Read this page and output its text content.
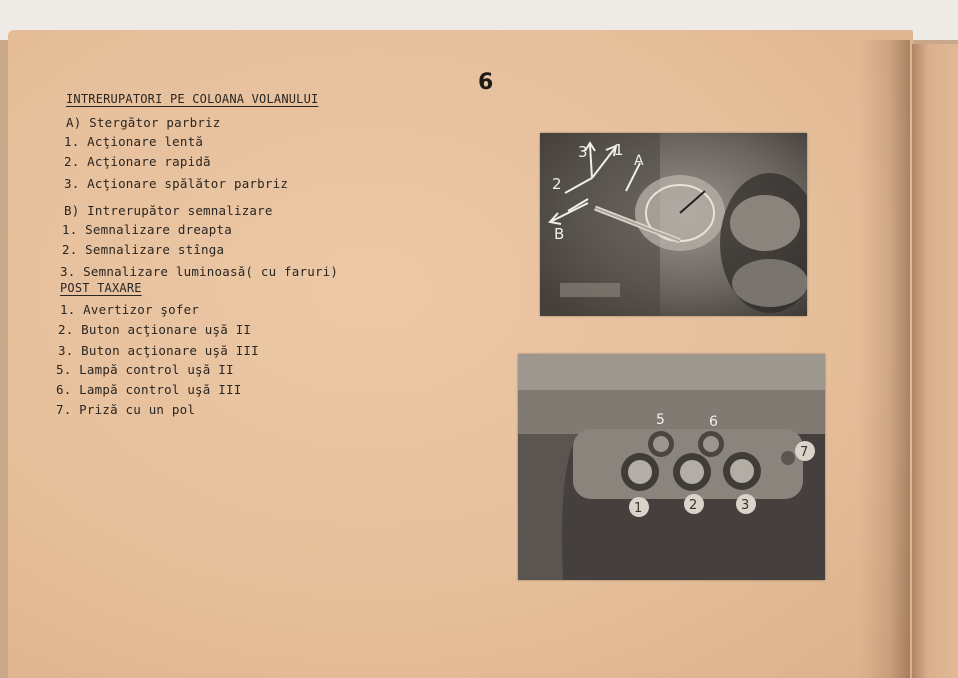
6
INTRERUPATORI PE COLOANA VOLANULUI
A) Stergător parbriz
1. Acţionare lentă
2. Acţionare rapidă
3. Acţionare spălător parbriz
B) Intrerupător semnalizare
1. Semnalizare dreapta
2. Semnalizare stînga
3. Semnalizare luminoasă( cu faruri)
POST TAXARE
1. Avertizor şofer
2. Buton acţionare uşă II
3. Buton acţionare uşă III
5. Lampă control uşă II
6. Lampă control uşă III
7. Priză cu un pol
3 1
2
A
B
5	6
7
1	2	3
